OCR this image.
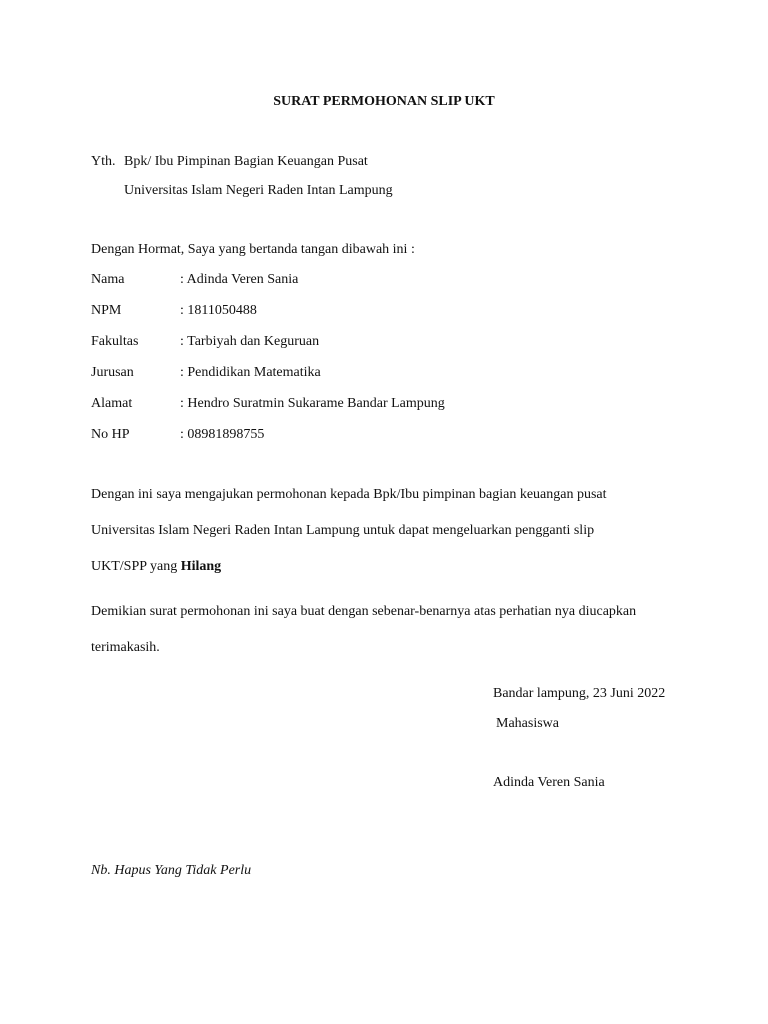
SURAT PERMOHONAN SLIP UKT
Yth. Bpk/ Ibu Pimpinan Bagian Keuangan Pusat
Universitas Islam Negeri Raden Intan Lampung
Dengan Hormat, Saya yang bertanda tangan dibawah ini :
Nama	: Adinda Veren Sania
NPM	: 1811050488
Fakultas	: Tarbiyah dan Keguruan
Jurusan	: Pendidikan Matematika
Alamat	: Hendro Suratmin Sukarame Bandar Lampung
No HP	: 08981898755
Dengan ini saya mengajukan permohonan kepada Bpk/Ibu pimpinan bagian keuangan pusat
Universitas Islam Negeri Raden Intan Lampung untuk dapat mengeluarkan pengganti slip
UKT/SPP yang Hilang
Demikian surat permohonan ini saya buat dengan sebenar-benarnya atas perhatian nya diucapkan
terimakasih.
Bandar lampung, 23 Juni 2022
Mahasiswa
Adinda Veren Sania
Nb. Hapus Yang Tidak Perlu
